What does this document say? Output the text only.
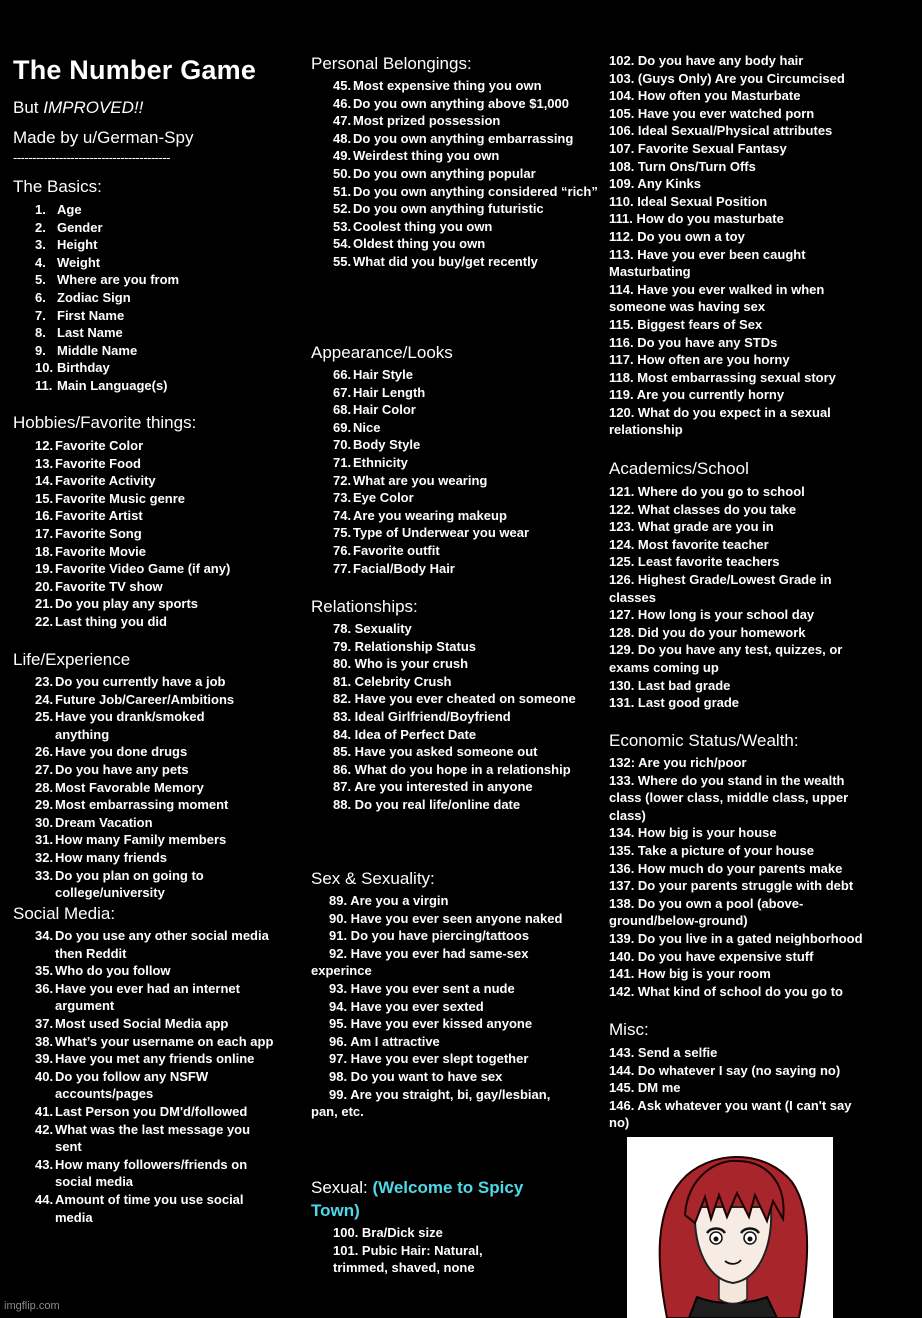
The Number Game
But IMPROVED!!
Made by u/German-Spy
-----------------------------------------
The Basics:
1. Age
2. Gender
3. Height
4. Weight
5. Where are you from
6. Zodiac Sign
7. First Name
8. Last Name
9. Middle Name
10. Birthday
11. Main Language(s)
Hobbies/Favorite things:
12. Favorite Color
13. Favorite Food
14. Favorite Activity
15. Favorite Music genre
16. Favorite Artist
17. Favorite Song
18. Favorite Movie
19. Favorite Video Game (if any)
20. Favorite TV show
21. Do you play any sports
22. Last thing you did
Life/Experience
23. Do you currently have a job
24. Future Job/Career/Ambitions
25. Have you drank/smoked anything
26. Have you done drugs
27. Do you have any pets
28. Most Favorable Memory
29. Most embarrassing moment
30. Dream Vacation
31. How many Family members
32. How many friends
33. Do you plan on going to college/university
Social Media:
34. Do you use any other social media then Reddit
35. Who do you follow
36. Have you ever had an internet argument
37. Most used Social Media app
38. What’s your username on each app
39. Have you met any friends online
40. Do you follow any NSFW accounts/pages
41. Last Person you DM'd/followed
42. What was the last message you sent
43. How many followers/friends on social media
44. Amount of time you use social media
Personal Belongings:
45. Most expensive thing you own
46. Do you own anything above $1,000
47. Most prized possession
48. Do you own anything embarrassing
49. Weirdest thing you own
50. Do you own anything popular
51. Do you own anything considered “rich”
52. Do you own anything futuristic
53. Coolest thing you own
54. Oldest thing you own
55. What did you buy/get recently
Appearance/Looks
66. Hair Style
67. Hair Length
68. Hair Color
69. Nice
70. Body Style
71. Ethnicity
72. What are you wearing
73. Eye Color
74. Are you wearing makeup
75. Type of Underwear you wear
76. Favorite outfit
77. Facial/Body Hair
Relationships:
78. Sexuality
79. Relationship Status
80. Who is your crush
81. Celebrity Crush
82. Have you ever cheated on someone
83. Ideal Girlfriend/Boyfriend
84. Idea of Perfect Date
85. Have you asked someone out
86. What do you hope in a relationship
87. Are you interested in anyone
88. Do you real life/online date
Sex & Sexuality:
89. Are you a virgin
90. Have you ever seen anyone naked
91. Do you have piercing/tattoos
92. Have you ever had same-sex experince
93. Have you ever sent a nude
94. Have you ever sexted
95. Have you ever kissed anyone
96. Am I attractive
97. Have you ever slept together
98. Do you want to have sex
99. Are you straight, bi, gay/lesbian, pan, etc.
Sexual: (Welcome to Spicy Town)
100. Bra/Dick size
101. Pubic Hair: Natural, trimmed, shaved, none
102. Do you have any body hair
103. (Guys Only) Are you Circumcised
104. How often you Masturbate
105. Have you ever watched porn
106. Ideal Sexual/Physical attributes
107. Favorite Sexual Fantasy
108. Turn Ons/Turn Offs
109. Any Kinks
110. Ideal Sexual Position
111. How do you masturbate
112. Do you own a toy
113. Have you ever been caught Masturbating
114. Have you ever walked in when someone was having sex
115. Biggest fears of Sex
116. Do you have any STDs
117. How often are you horny
118. Most embarrassing sexual story
119. Are you currently horny
120. What do you expect in a sexual relationship
Academics/School
121. Where do you go to school
122. What classes do you take
123. What grade are you in
124. Most favorite teacher
125. Least favorite teachers
126. Highest Grade/Lowest Grade in classes
127. How long is your school day
128. Did you do your homework
129. Do you have any test, quizzes, or exams coming up
130. Last bad grade
131. Last good grade
Economic Status/Wealth:
132: Are you rich/poor
133. Where do you stand in the wealth class (lower class, middle class, upper class)
134. How big is your house
135. Take a picture of your house
136. How much do your parents make
137. Do your parents struggle with debt
138. Do you own a pool (above-ground/below-ground)
139. Do you live in a gated neighborhood
140. Do you have expensive stuff
141. How big is your room
142. What kind of school do you go to
Misc:
143. Send a selfie
144. Do whatever I say (no saying no)
145. DM me
146. Ask whatever you want (I can't say no)
imgflip.com
